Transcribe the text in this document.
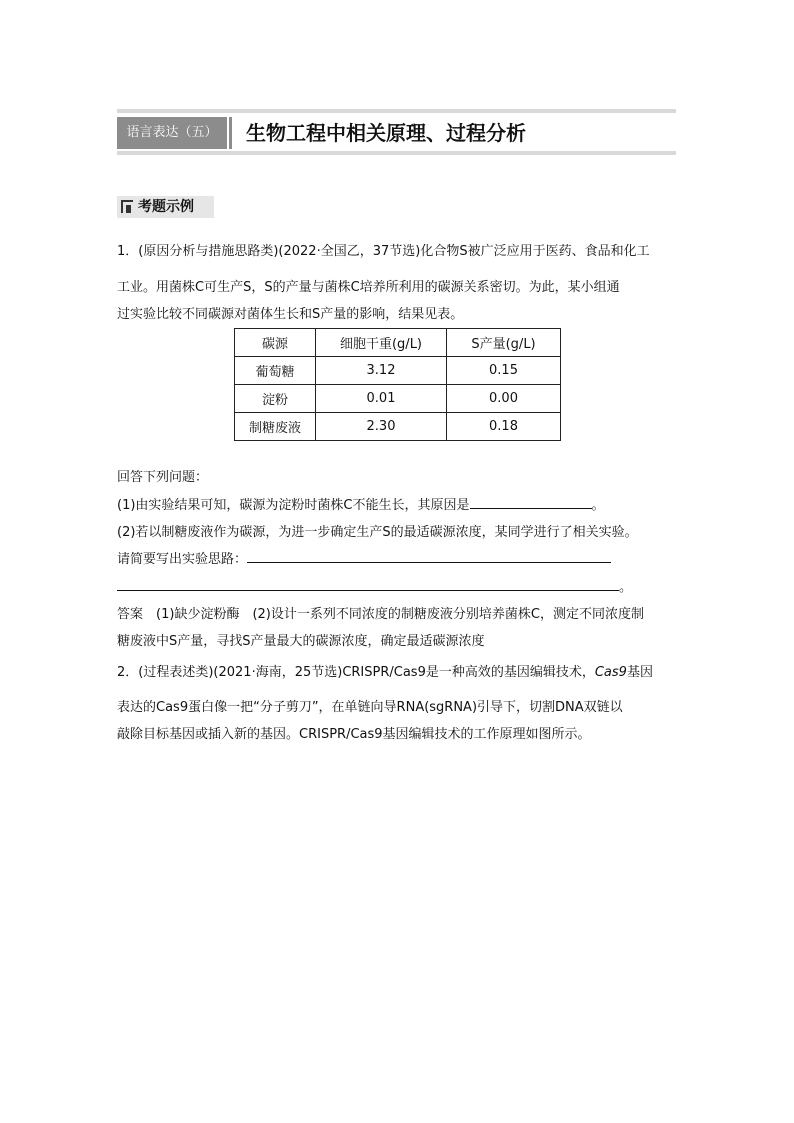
语言表达（五）	生物工程中相关原理、过程分析
考题示例
1．(原因分析与措施思路类)(2022·全国乙，37节选)化合物S被广泛应用于医药、食品和化工
工业。用菌株C可生产S，S的产量与菌株C培养所利用的碳源关系密切。为此，某小组通
过实验比较不同碳源对菌体生长和S产量的影响，结果见表。
碳源	细胞干重(g/L)	S产量(g/L)
葡萄糖	3.12	0.15
淀粉	0.01	0.00
制糖废液	2.30	0.18
回答下列问题：
(1)由实验结果可知，碳源为淀粉时菌株C不能生长，其原因是	。
(2)若以制糖废液作为碳源，为进一步确定生产S的最适碳源浓度，某同学进行了相关实验。
请简要写出实验思路：
。
答案　 (1)缺少淀粉酶　(2)设计一系列不同浓度的制糖废液分别培养菌株C，测定不同浓度制
糖废液中S产量，寻找S产量最大的碳源浓度，确定最适碳源浓度
2．(过程表述类)(2021·海南，25节选)CRISPR/Cas9是一种高效的基因编辑技术，Cas9基因
表达的Cas9蛋白像一把“分子剪刀”，在单链向导RNA(sgRNA)引导下，切割DNA双链以
敲除目标基因或插入新的基因。CRISPR/Cas9基因编辑技术的工作原理如图所示。
